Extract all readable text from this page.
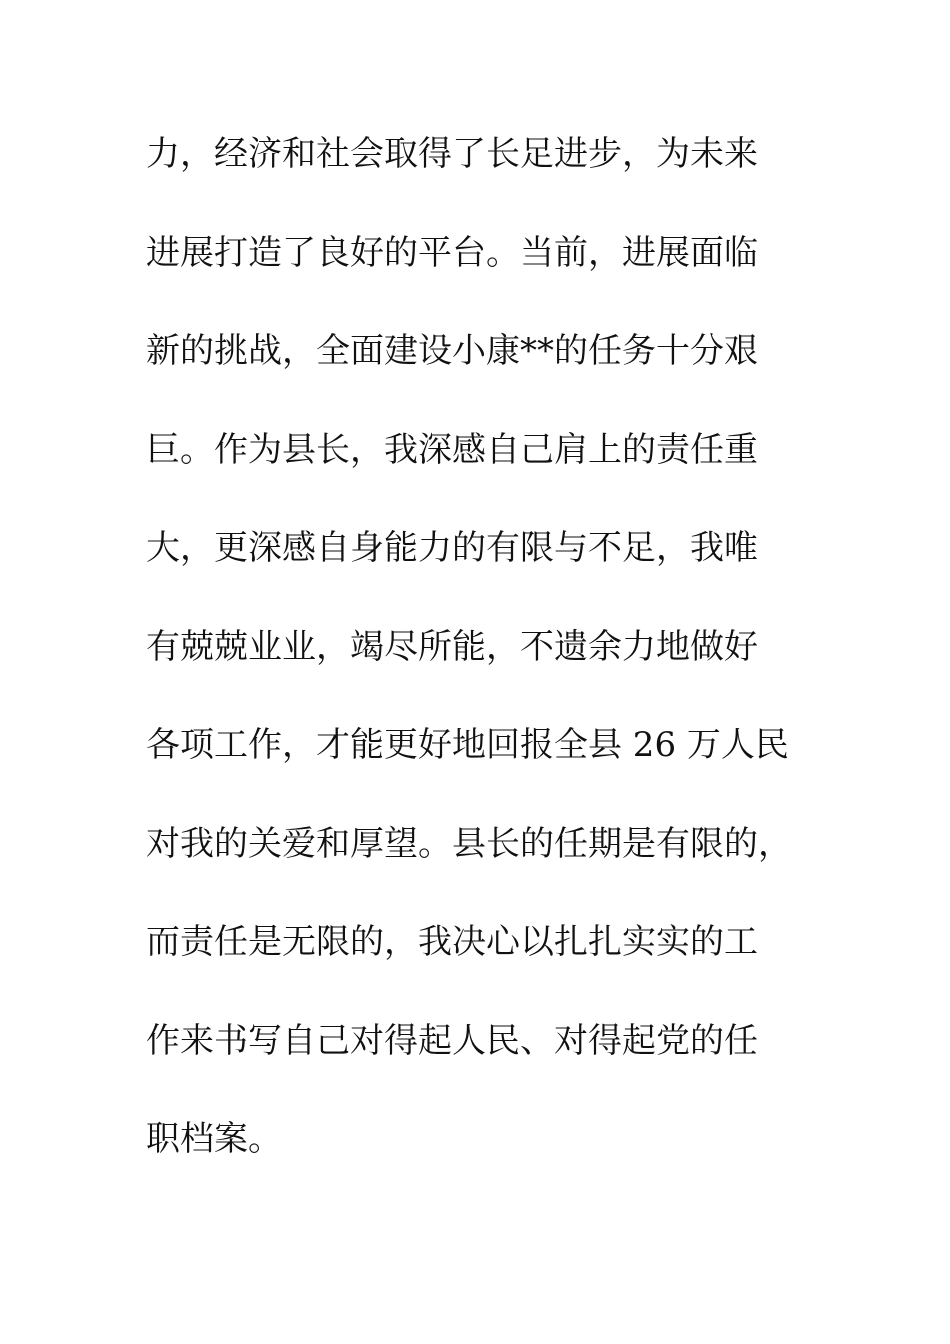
力，经济和社会取得了长足进步，为未来
进展打造了良好的平台。当前，进展面临
新的挑战，全面建设小康**的任务十分艰
巨。作为县长，我深感自己肩上的责任重
大，更深感自身能力的有限与不足，我唯
有兢兢业业，竭尽所能，不遗余力地做好
各项工作，才能更好地回报全县 26 万人民
对我的关爱和厚望。县长的任期是有限的，
而责任是无限的，我决心以扎扎实实的工
作来书写自己对得起人民、对得起党的任
职档案。
